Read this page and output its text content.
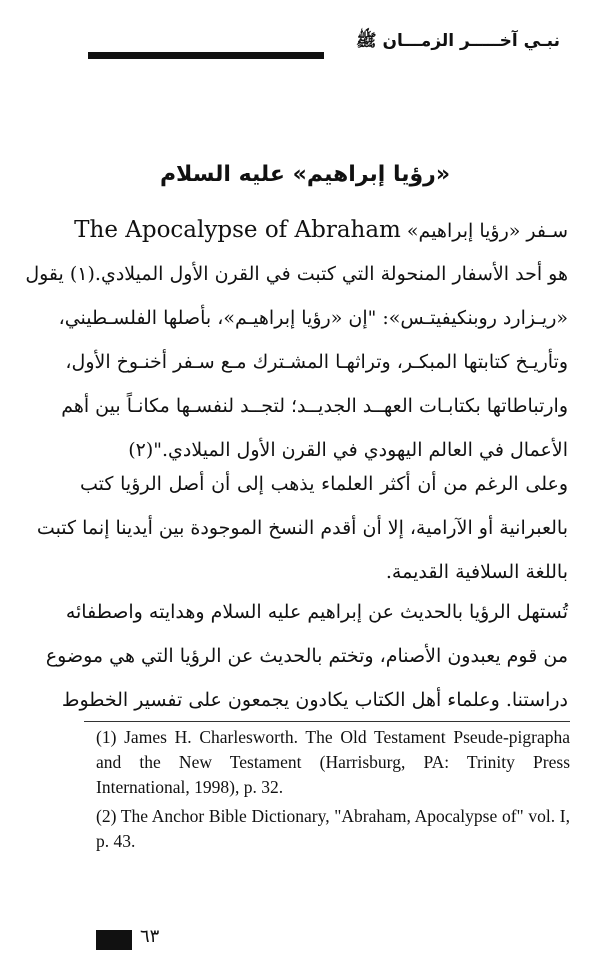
نبـي آخـــــر الزمـــان ﷺ
«رؤيا إبراهيم» عليه السلام
سـفر «رؤيا إبراهيم» The Apocalypse of Abraham
هو أحد الأسفار المنحولة التي كتبت في القرن الأول الميلادي.(١) يقول
«ريـزارد روبنكيفيتـس»: "إن «رؤيا إبراهيـم»، بأصلها الفلسـطيني،
وتأريـخ كتابتها المبكـر، وتراثهـا المشـترك مـع سـفر أخنـوخ الأول،
وارتباطاتها بكتابـات العهــد الجديــد؛ لتجــد لنفسـها مكانـاً بين أهم
الأعمال في العالم اليهودي في القرن الأول الميلادي."(٢)
وعلى الرغم من أن أكثر العلماء يذهب إلى أن أصل الرؤيا كتب
بالعبرانية أو الآرامية، إلا أن أقدم النسخ الموجودة بين أيدينا إنما كتبت
باللغة السلافية القديمة.
تُستهل الرؤيا بالحديث عن إبراهيم عليه السلام وهدايته واصطفائه
من قوم يعبدون الأصنام، وتختم بالحديث عن الرؤيا التي هي موضوع
دراستنا. وعلماء أهل الكتاب يكادون يجمعون على تفسير الخطوط
(1) James H. Charlesworth. The Old Testament Pseude-pigrapha and the New Testament (Harrisburg, PA: Trinity Press International, 1998), p. 32.
(2) The Anchor Bible Dictionary, "Abraham, Apocalypse of" vol. I, p. 43.
٦٣
